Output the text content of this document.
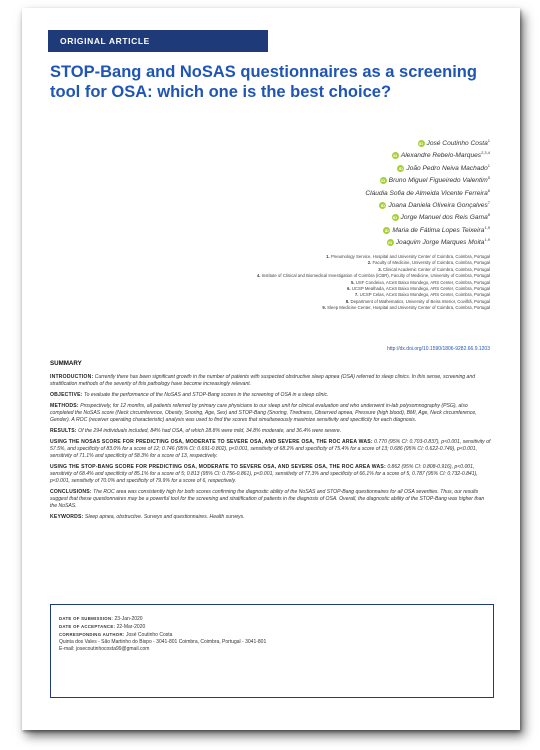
ORIGINAL ARTICLE
STOP-Bang and NoSAS questionnaires as a screening tool for OSA: which one is the best choice?
iD José Coutinho Costa$^1$
iD Alexandre Rebelo-Marques$^{2,3,4}$
iD João Pedro Neiva Machado$^1$
iD Bruno Miguel Figueiredo Valentim$^5$
Cláudia Sofia de Almeida Vicente Ferreira$^6$
iD Joana Daniela Oliveira Gonçalves$^7$
iD Jorge Manuel dos Reis Gama$^8$
iD Maria de Fátima Lopes Teixeira$^{1,9}$
iD Joaquim Jorge Marques Moita$^{1,9}$
1. Pneumology Service, Hospital and University Center of Coimbra, Coimbra, Portugal
2. Faculty of Medicine, University of Coimbra, Coimbra, Portugal
3. Clinical Academic Center of Coimbra, Coimbra, Portugal
4. Institute of Clinical and Biomedical Investigation of Coimbra (iCBR), Faculty of Medicine, University of Coimbra, Portugal
5. USF Condeixa, ACeS Baixo Mondego, ARS Center, Coimbra, Portugal
6. UCSP Mealhada, ACeS Baixo Mondego, ARS Center, Coimbra, Portugal
7. UCSP Celas, ACeS Baixo Mondego, ARS Center, Coimbra, Portugal
8. Department of Mathematics, University of Beira Interior, Covilhã, Portugal
9. Sleep Medicine Center, Hospital and University Center of Coimbra, Coimbra, Portugal
http://dx.doi.org/10.1590/1806-9282.66.9.1203
SUMMARY

INTRODUCTION: Currently there has been significant growth in the number of patients with suspected obstructive sleep apnea (OSA) referred to sleep clinics. In this sense, screening and stratification methods of the severity of this pathology have become increasingly relevant.

OBJECTIVE: To evaluate the performance of the NoSAS and STOP-Bang scores in the screening of OSA in a sleep clinic.

METHODS: Prospectively, for 12 months, all patients referred by primary care physicians to our sleep unit for clinical evaluation and who underwent in-lab polysomnography (PSG), also completed the NoSAS score (Neck circumference, Obesity, Snoring, Age, Sex) and STOP-Bang (Snoring, Tiredness, Observed apnea, Pressure (high blood), BMI, Age, Neck circumference, Gender). A ROC (receiver operating characteristic) analysis was used to find the scores that simultaneously maximize sensitivity and specificity for each diagnosis.

RESULTS: Of the 294 individuals included, 84% had OSA, of which 28.8% were mild, 34.8% moderate, and 36.4% were severe.

USING THE NOSAS SCORE FOR PREDICTING OSA, MODERATE TO SEVERE OSA, AND SEVERE OSA, THE ROC AREA WAS: 0.770 (95% CI: 0.703-0.837), p<0.001, sensitivity of 57.5%, and specificity of 83.0% for a score of 12; 0.746 (95% CI: 0.691-0.802), p<0.001, sensitivity of 68.2% and specificity of 75.4% for a score of 13; 0.686 (95% CI: 0.622-0.749), p<0.001, sensitivity of 71.1% and specificity of 58.3% for a score of 13, respectively.

USING THE STOP-BANG SCORE FOR PREDICTING OSA, MODERATE TO SEVERE OSA, AND SEVERE OSA, THE ROC AREA WAS: 0.862 (95% CI: 0.808-0.916), p<0.001, sensitivity of 68.4% and specificity of 85.1% for a score of 5; 0.813 (95% CI: 0.756-0.861), p<0.001, sensitivity of 77.3% and specificity of 66.1% for a score of 5, 0.787 (95% CI: 0.732-0.841), p<0.001, sensitivity of 70.0% and specificity of 79.9% for a score of 6, respectively.

CONCLUSIONS: The ROC area was consistently high for both scores confirming the diagnostic ability of the NoSAS and STOP-Bang questionnaires for all OSA severities. Thus, our results suggest that these questionnaires may be a powerful tool for the screening and stratification of patients in the diagnosis of OSA. Overall, the diagnostic ability of the STOP-Bang was higher than the NoSAS.

KEYWORDS: Sleep apnea, obstructive. Surveys and questionnaires. Health surveys.

DATE OF SUBMISSION: 23-Jan-2020
DATE OF ACCEPTANCE: 22-Mar-2020
CORRESPONDING AUTHOR: José Coutinho Costa
Quinta dos Vales - São Martinho do Bispo - 3041-801 Coimbra, Coimbra, Portugal - 3041-801
E-mail: josecoutinhocosta99@gmail.com
